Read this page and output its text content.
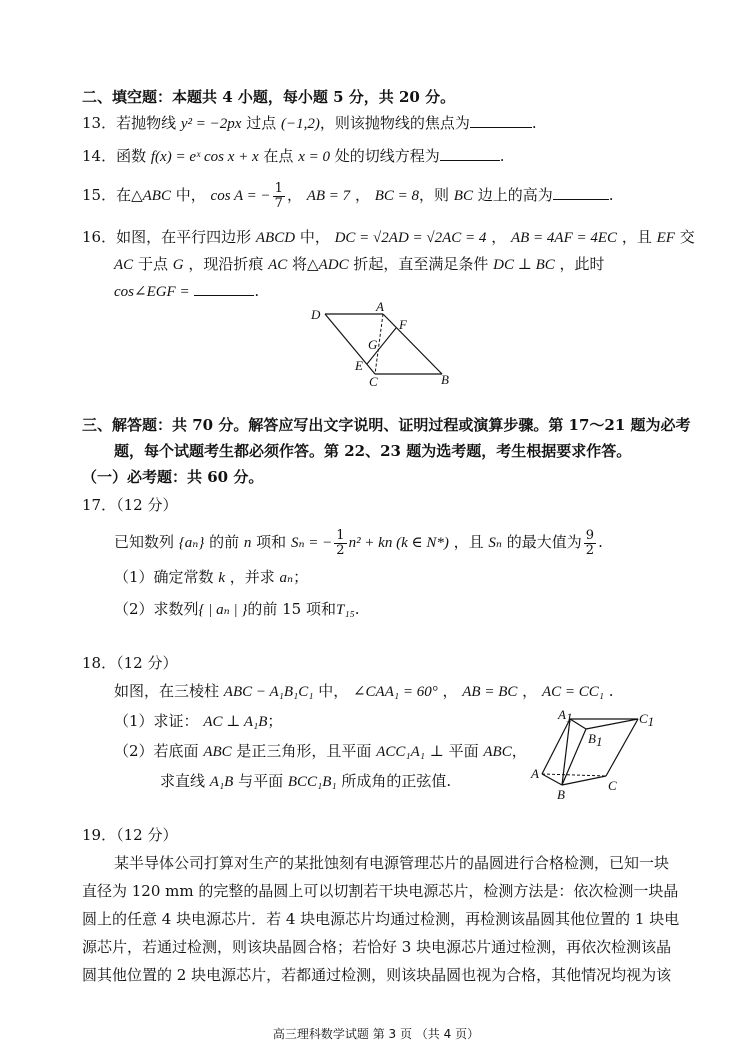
二、填空题：本题共 4 小题，每小题 5 分，共 20 分。
13．若抛物线 y² = −2px 过点 (−1,2)，则该抛物线的焦点为	.
14．函数 f(x) = eˣ cos x + x 在点 x = 0 处的切线方程为	.
15．在△ABC 中， cos A = − $\frac{1}{7}$ ， AB = 7 ， BC = 8，则 BC 边上的高为	.
16．如图，在平行四边形 ABCD 中， DC = √2AD = √2AC = 4 ， AB = 4AF = 4EC ，且 EF 交
AC 于点 G ，现沿折痕 AC 将△ADC 折起，直至满足条件 DC ⊥ BC ，此时
cos∠EGF =	.
D
A
F
G
E
C	B
三、解答题：共 70 分。解答应写出文字说明、证明过程或演算步骤。第 17～21 题为必考
题，每个试题考生都必须作答。第 22、23 题为选考题，考生根据要求作答。
（一）必考题：共 60 分。
17．（12 分）
已知数列 {aₙ} 的前 n 项和 Sₙ = − $\frac{1}{2} n^2$ + kn (k ∈ N*) ，且 Sₙ 的最大值为 $\frac{9}{2}$ .
（1）确定常数 k ，并求 aₙ；
（2）求数列{ | aₙ | }的前 15 项和T₁₅.
18．（12 分）
如图，在三棱柱 ABC − A₁B₁C₁ 中， ∠CAA₁ = 60° ， AB = BC ， AC = CC₁ .
（1）求证： AC ⊥ A₁B；
（2）若底面 ABC 是正三角形，且平面 ACC₁A₁ ⊥ 平面 ABC，
求直线 A₁B 与平面 BCC₁B₁ 所成角的正弦值.
A1	C1
B1
A
B
C
19．（12 分）
某半导体公司打算对生产的某批蚀刻有电源管理芯片的晶圆进行合格检测，已知一块
直径为 120 mm 的完整的晶圆上可以切割若干块电源芯片，检测方法是：依次检测一块晶
圆上的任意 4 块电源芯片．若 4 块电源芯片均通过检测，再检测该晶圆其他位置的 1 块电
源芯片，若通过检测，则该块晶圆合格；若恰好 3 块电源芯片通过检测，再依次检测该晶
圆其他位置的 2 块电源芯片，若都通过检测，则该块晶圆也视为合格，其他情况均视为该
高三理科数学试题 第 3 页 （共 4 页）
